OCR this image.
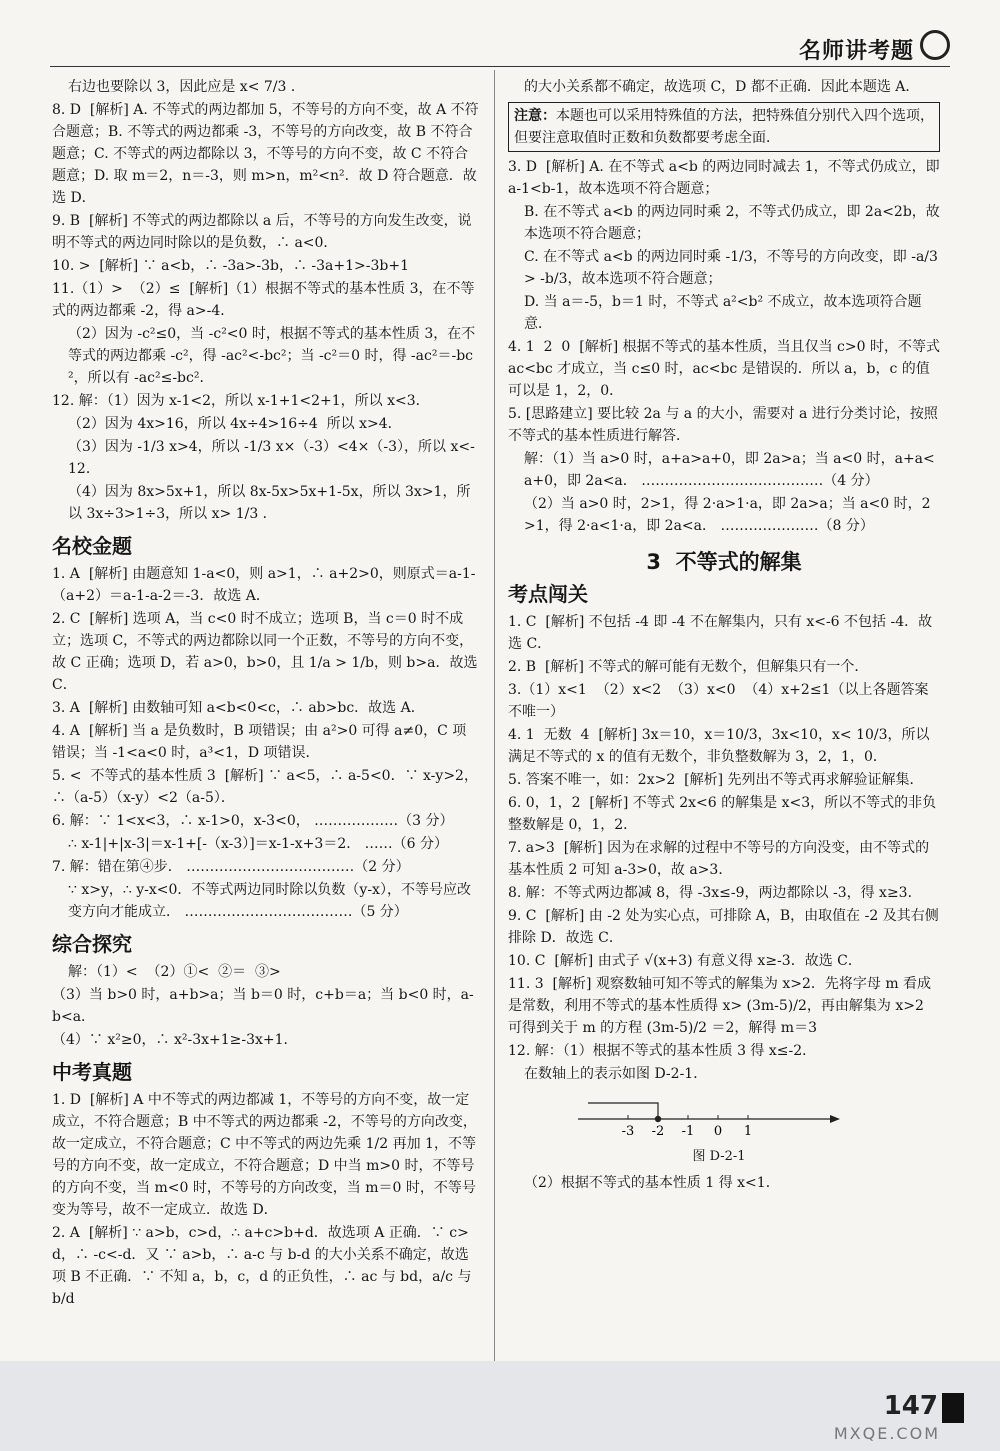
名师讲考题

右边也要除以 3，因此应是 x< 7/3 ．

8. D  [解析] A. 不等式的两边都加 5，不等号的方向不变，故 A 不符合题意；B. 不等式的两边都乘 -3，不等号的方向改变，故 B 不符合题意；C. 不等式的两边都除以 3，不等号的方向不变，故 C 不符合题意；D. 取 m＝2，n＝-3，则 m>n，m²<n²．故 D 符合题意．故选 D．

9. B  [解析] 不等式的两边都除以 a 后，不等号的方向发生改变，说明不等式的两边同时除以的是负数，∴ a<0．

10. >  [解析] ∵ a<b，∴ -3a>-3b，∴ -3a+1>-3b+1

11.（1）>  （2）≤  [解析]（1）根据不等式的基本性质 3，在不等式的两边都乘 -2，得 a>-4．

（2）因为 -c²≤0，当 -c²<0 时，根据不等式的基本性质 3，在不等式的两边都乘 -c²，得 -ac²<-bc²；当 -c²＝0 时，得 -ac²＝-bc²，所以有 -ac²≤-bc²．

12. 解：（1）因为 x-1<2，所以 x-1+1<2+1，所以 x<3．

（2）因为 4x>16，所以 4x÷4>16÷4  所以 x>4．

（3）因为 -1/3 x>4，所以 -1/3 x×（-3）<4×（-3），所以 x<-12．

（4）因为 8x>5x+1，所以 8x-5x>5x+1-5x，所以 3x>1，所以 3x÷3>1÷3，所以 x> 1/3 ．

名校金题

1. A  [解析] 由题意知 1-a<0，则 a>1，∴ a+2>0，则原式＝a-1-（a+2）＝a-1-a-2＝-3．故选 A．

2. C  [解析] 选项 A，当 c<0 时不成立；选项 B，当 c＝0 时不成立；选项 C，不等式的两边都除以同一个正数，不等号的方向不变，故 C 正确；选项 D，若 a>0，b>0，且 1/a > 1/b，则 b>a．故选 C．

3. A  [解析] 由数轴可知 a<b<0<c，∴ ab>bc．故选 A．

4. A  [解析] 当 a 是负数时，B 项错误；由 a²>0 可得 a≠0，C 项错误；当 -1<a<0 时，a³<1，D 项错误．

5. <  不等式的基本性质 3  [解析] ∵ a<5，∴ a-5<0．∵ x-y>2，∴（a-5）（x-y）<2（a-5）．

6. 解：∵ 1<x<3，∴ x-1>0，x-3<0， ………………（3 分）

∴ x-1|+|x-3|＝x-1+[-（x-3）]＝x-1-x+3＝2． ……（6 分）

7. 解：错在第④步． ………………………………（2 分）

∵ x>y，∴ y-x<0．不等式两边同时除以负数（y-x），不等号应改变方向才能成立． ………………………………（5 分）

综合探究

解：（1）<  （2）①<  ②＝  ③>

（3）当 b>0 时，a+b>a；当 b＝0 时，c+b＝a；当 b<0 时，a-b<a．

（4）∵ x²≥0，∴ x²-3x+1≥-3x+1．

中考真题

1. D  [解析] A 中不等式的两边都减 1，不等号的方向不变，故一定成立，不符合题意；B 中不等式的两边都乘 -2，不等号的方向改变，故一定成立，不符合题意；C 中不等式的两边先乘 1/2 再加 1，不等号的方向不变，故一定成立，不符合题意；D 中当 m>0 时，不等号的方向不变，当 m<0 时，不等号的方向改变，当 m＝0 时，不等号变为等号，故不一定成立．故选 D．

2. A  [解析] ∵ a>b，c>d，∴ a+c>b+d．故选项 A 正确．∵ c>d，∴ -c<-d．又 ∵ a>b，∴ a-c 与 b-d 的大小关系不确定，故选项 B 不正确．∵ 不知 a，b，c，d 的正负性，∴ ac 与 bd，a/c 与 b/d

的大小关系都不确定，故选项 C，D 都不正确．因此本题选 A．

注意：本题也可以采用特殊值的方法，把特殊值分别代入四个选项，但要注意取值时正数和负数都要考虑全面．

3. D  [解析] A. 在不等式 a<b 的两边同时减去 1，不等式仍成立，即 a-1<b-1，故本选项不符合题意；

B. 在不等式 a<b 的两边同时乘 2，不等式仍成立，即 2a<2b，故本选项不符合题意；

C. 在不等式 a<b 的两边同时乘 -1/3，不等号的方向改变，即 -a/3 > -b/3，故本选项不符合题意；

D. 当 a＝-5，b＝1 时，不等式 a²<b² 不成立，故本选项符合题意．

4. 1  2  0  [解析] 根据不等式的基本性质，当且仅当 c>0 时，不等式 ac<bc 才成立，当 c≤0 时，ac<bc 是错误的．所以 a，b，c 的值可以是 1，2，0．

5. [思路建立] 要比较 2a 与 a 的大小，需要对 a 进行分类讨论，按照不等式的基本性质进行解答．

解：（1）当 a>0 时，a+a>a+0，即 2a>a；当 a<0 时，a+a<a+0，即 2a<a． …………………………………（4 分）

（2）当 a>0 时，2>1，得 2·a>1·a，即 2a>a；当 a<0 时，2>1，得 2·a<1·a，即 2a<a． …………………（8 分）

3  不等式的解集

考点闯关

1. C  [解析] 不包括 -4 即 -4 不在解集内，只有 x<-6 不包括 -4．故选 C．

2. B  [解析] 不等式的解可能有无数个，但解集只有一个．

3.（1）x<1  （2）x<2  （3）x<0  （4）x+2≤1（以上各题答案不唯一）

4. 1  无数  4  [解析] 3x＝10，x＝10/3，3x<10，x< 10/3，所以满足不等式的 x 的值有无数个，非负整数解为 3，2，1，0．

5. 答案不唯一，如：2x>2  [解析] 先列出不等式再求解验证解集．

6. 0，1，2  [解析] 不等式 2x<6 的解集是 x<3，所以不等式的非负整数解是 0，1，2．

7. a>3  [解析] 因为在求解的过程中不等号的方向没变，由不等式的基本性质 2 可知 a-3>0，故 a>3．

8. 解：不等式两边都减 8，得 -3x≤-9，两边都除以 -3，得 x≥3．

9. C  [解析] 由 -2 处为实心点，可排除 A，B，由取值在 -2 及其右侧排除 D．故选 C．

10. C  [解析] 由式子 √(x+3) 有意义得 x≥-3．故选 C．

11. 3  [解析] 观察数轴可知不等式的解集为 x>2．先将字母 m 看成是常数，利用不等式的基本性质得 x> (3m-5)/2，再由解集为 x>2 可得到关于 m 的方程 (3m-5)/2 ＝2，解得 m＝3

12. 解：（1）根据不等式的基本性质 3 得 x≤-2．

在数轴上的表示如图 D-2-1．

-3 -2 -1 0 1
图 D-2-1

（2）根据不等式的基本性质 1 得 x<1．

147
MXQE.COM
